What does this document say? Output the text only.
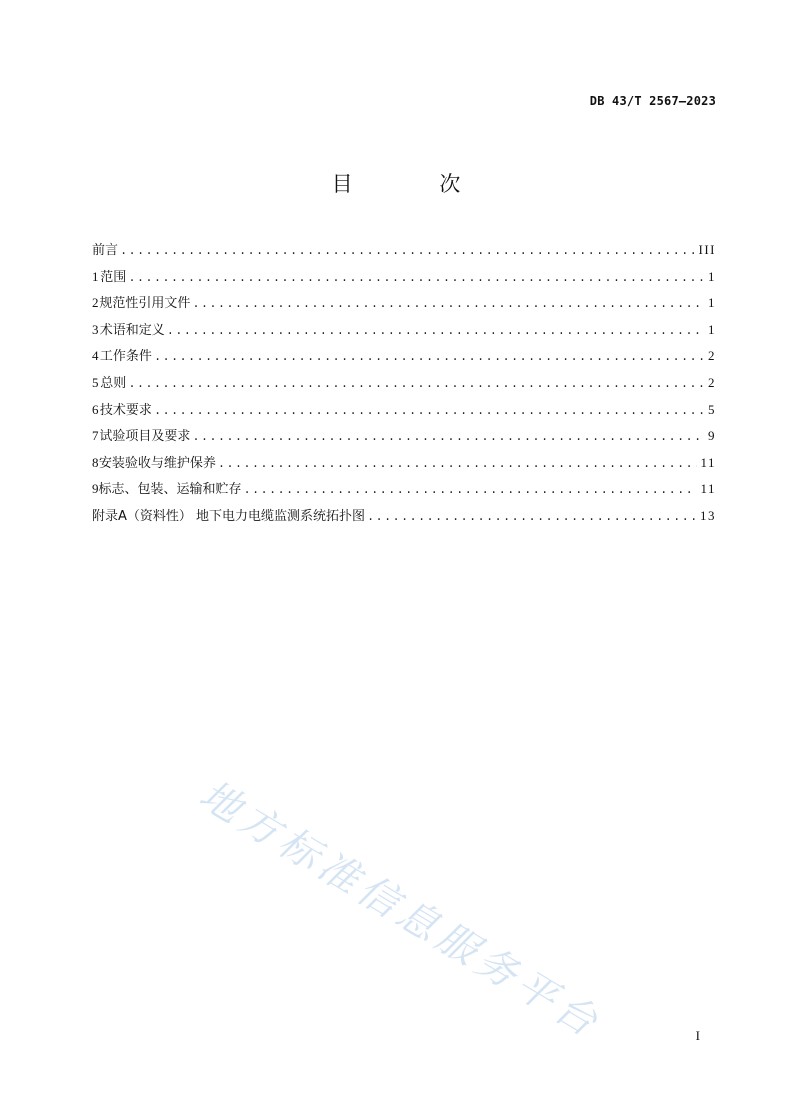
DB 43/T 2567—2023
目 次
前言 .....	III
1 范围 .....	1
2 规范性引用文件 .....	1
3 术语和定义 .....	1
4 工作条件 .....	2
5 总则 .....	2
6 技术要求 .....	5
7 试验项目及要求 .....	9
8 安装验收与维护保养 .....	11
9 标志、包装、运输和贮存 .....	11
附录A（资料性） 地下电力电缆监测系统拓扑图 .....	13
地方标准信息服务平台	I
